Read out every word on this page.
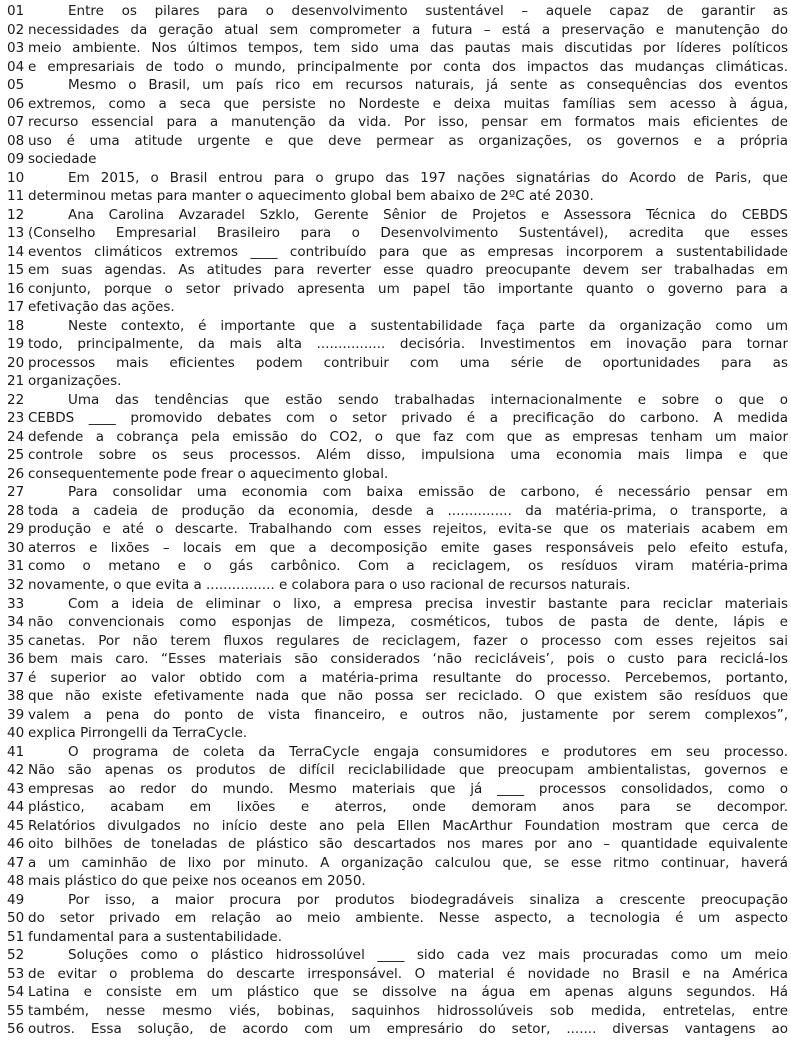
01	Entre os pilares para o desenvolvimento sustentável – aquele capaz de garantir as
02 necessidades da geração atual sem comprometer a futura – está a preservação e manutenção do
03 meio ambiente. Nos últimos tempos, tem sido uma das pautas mais discutidas por líderes políticos
04 e empresariais de todo o mundo, principalmente por conta dos impactos das mudanças climáticas.
05	Mesmo o Brasil, um país rico em recursos naturais, já sente as consequências dos eventos
06 extremos, como a seca que persiste no Nordeste e deixa muitas famílias sem acesso à água,
07 recurso essencial para a manutenção da vida. Por isso, pensar em formatos mais eficientes de
08 uso é uma atitude urgente e que deve permear as organizações, os governos e a própria
09 sociedade
10	Em 2015, o Brasil entrou para o grupo das 197 nações signatárias do Acordo de Paris, que
11 determinou metas para manter o aquecimento global bem abaixo de 2ºC até 2030.
12	Ana Carolina Avzaradel Szklo, Gerente Sênior de Projetos e Assessora Técnica do CEBDS
13 (Conselho Empresarial Brasileiro para o Desenvolvimento Sustentável), acredita que esses
14 eventos climáticos extremos ____ contribuído para que as empresas incorporem a sustentabilidade
15 em suas agendas. As atitudes para reverter esse quadro preocupante devem ser trabalhadas em
16 conjunto, porque o setor privado apresenta um papel tão importante quanto o governo para a
17 efetivação das ações.
18	Neste contexto, é importante que a sustentabilidade faça parte da organização como um
19 todo, principalmente, da mais alta ................ decisória. Investimentos em inovação para tornar
20 processos mais eficientes podem contribuir com uma série de oportunidades para as
21 organizações.
22	Uma das tendências que estão sendo trabalhadas internacionalmente e sobre o que o
23 CEBDS ____ promovido debates com o setor privado é a precificação do carbono. A medida
24 defende a cobrança pela emissão do CO2, o que faz com que as empresas tenham um maior
25 controle sobre os seus processos. Além disso, impulsiona uma economia mais limpa e que
26 consequentemente pode frear o aquecimento global.
27	Para consolidar uma economia com baixa emissão de carbono, é necessário pensar em
28 toda a cadeia de produção da economia, desde a ............... da matéria-prima, o transporte, a
29 produção e até o descarte. Trabalhando com esses rejeitos, evita-se que os materiais acabem em
30 aterros e lixões – locais em que a decomposição emite gases responsáveis pelo efeito estufa,
31 como o metano e o gás carbônico. Com a reciclagem, os resíduos viram matéria-prima
32 novamente, o que evita a ................ e colabora para o uso racional de recursos naturais.
33	Com a ideia de eliminar o lixo, a empresa precisa investir bastante para reciclar materiais
34 não convencionais como esponjas de limpeza, cosméticos, tubos de pasta de dente, lápis e
35 canetas. Por não terem fluxos regulares de reciclagem, fazer o processo com esses rejeitos sai
36 bem mais caro. “Esses materiais são considerados ‘não recicláveis’, pois o custo para reciclá-los
37 é superior ao valor obtido com a matéria-prima resultante do processo. Percebemos, portanto,
38 que não existe efetivamente nada que não possa ser reciclado. O que existem são resíduos que
39 valem a pena do ponto de vista financeiro, e outros não, justamente por serem complexos”,
40 explica Pirrongelli da TerraCycle.
41	O programa de coleta da TerraCycle engaja consumidores e produtores em seu processo.
42 Não são apenas os produtos de difícil reciclabilidade que preocupam ambientalistas, governos e
43 empresas ao redor do mundo. Mesmo materiais que já ____ processos consolidados, como o
44 plástico, acabam em lixões e aterros, onde demoram anos para se decompor.
45 Relatórios divulgados no início deste ano pela Ellen MacArthur Foundation mostram que cerca de
46 oito bilhões de toneladas de plástico são descartados nos mares por ano – quantidade equivalente
47 a um caminhão de lixo por minuto. A organização calculou que, se esse ritmo continuar, haverá
48 mais plástico do que peixe nos oceanos em 2050.
49	Por isso, a maior procura por produtos biodegradáveis sinaliza a crescente preocupação
50 do setor privado em relação ao meio ambiente. Nesse aspecto, a tecnologia é um aspecto
51 fundamental para a sustentabilidade.
52	Soluções como o plástico hidrossolúvel ____ sido cada vez mais procuradas como um meio
53 de evitar o problema do descarte irresponsável. O material é novidade no Brasil e na América
54 Latina e consiste em um plástico que se dissolve na água em apenas alguns segundos. Há
55 também, nesse mesmo viés, bobinas, saquinhos hidrossolúveis sob medida, entretelas, entre
56 outros. Essa solução, de acordo com um empresário do setor, ....... diversas vantagens ao
